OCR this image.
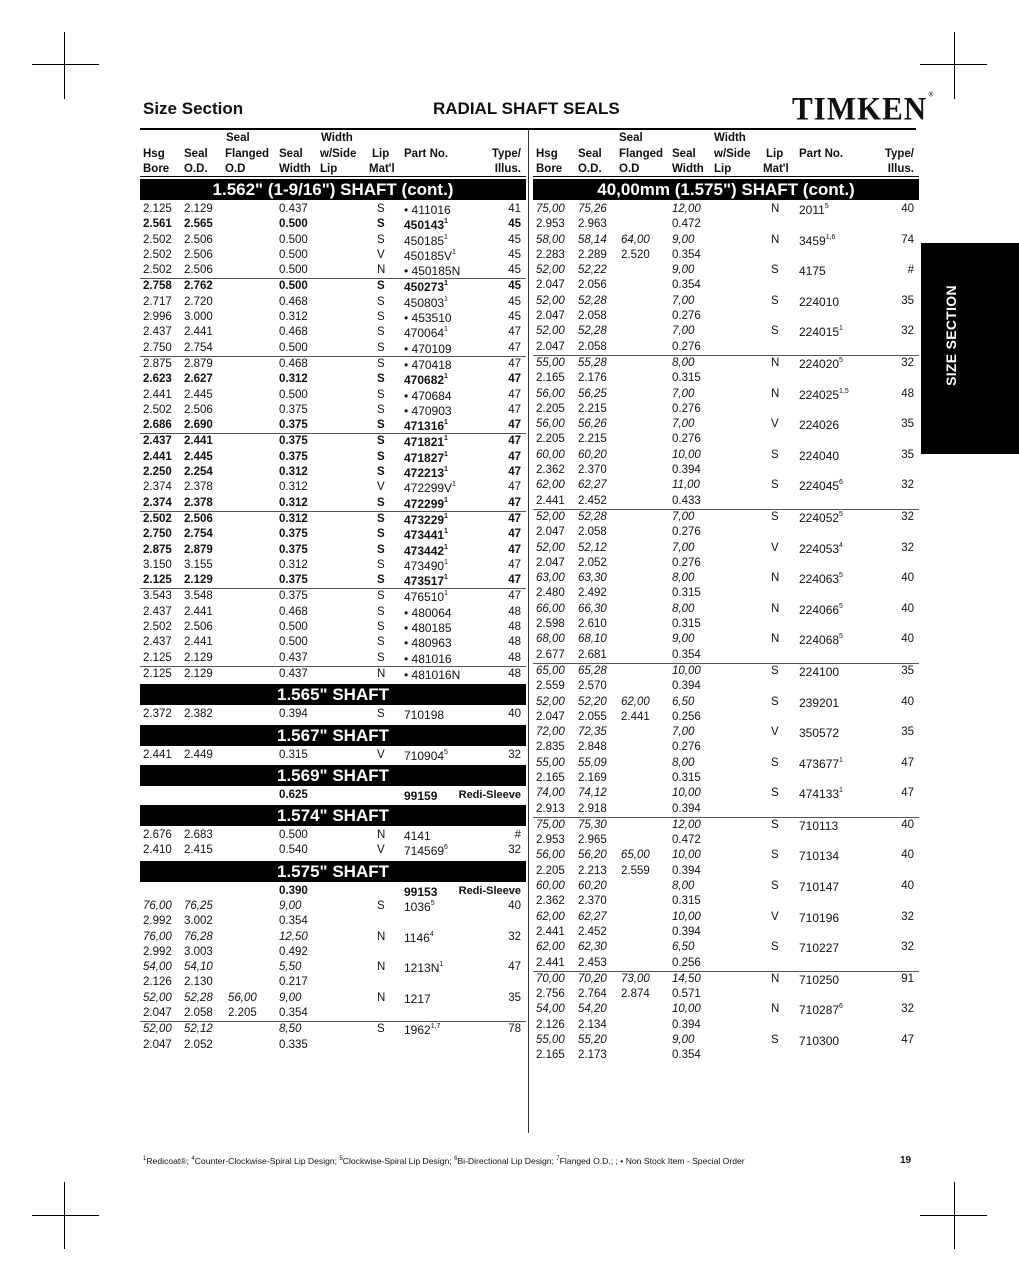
Size Section	RADIAL SHAFT SEALS	TIMKEN®
SIZE SECTION
Seal	Width
Hsg Seal Flanged Seal w/Side Lip Part No.	Type/
Bore O.D. O.D	Width Lip	Mat'l	Illus.
1.562" (1-9/16") SHAFT (cont.)
2.125 2.129	0.437	S • 411016	41
2.561 2.565	0.500	S 450143$^1$	45
2.502 2.506	0.500	S 450185$^1$	45
2.502 2.506	0.500	V $450185V^1$	45
2.502 2.506	0.500	N • 450185N	45
2.758 2.762	0.500	S 450273$^1$	45
2.717 2.720	0.468	S 450803$^1$	45
2.996 3.000	0.312	S • 453510	45
2.437 2.441	0.468	S 470064$^1$	47
2.750 2.754	0.500	S • 470109	47
2.875 2.879	0.468	S • 470418	47
2.623 2.627	0.312	S 470682$^1$	47
2.441 2.445	0.500	S • 470684	47
2.502 2.506	0.375	S • 470903	47
2.686 2.690	0.375	S 471316$^1$	47
2.437 2.441	0.375	S 471821$^1$	47
2.441 2.445	0.375	S 471827$^1$	47
2.250 2.254	0.312	S 472213$^1$	47
2.374 2.378	0.312	V $472299V^1$	47
2.374 2.378	0.312	S 472299$^1$	47
2.502 2.506	0.312	S 473229$^1$	47
2.750 2.754	0.375	S 473441$^1$	47
2.875 2.879	0.375	S 473442$^1$	47
3.150 3.155	0.312	S 473490$^1$	47
2.125 2.129	0.375	S 473517$^1$	47
3.543 3.548	0.375	S 476510$^1$	47
2.437 2.441	0.468	S • 480064	48
2.502 2.506	0.500	S • 480185	48
2.437 2.441	0.500	S • 480963	48
2.125 2.129	0.437	S • 481016	48
2.125 2.129	0.437	N • 481016N	48
1.565" SHAFT
2.372 2.382	0.394	S 710198	40
1.567" SHAFT
2.441 2.449	0.315	V 710904$^5$	32
1.569" SHAFT
0.625	99159 Redi-Sleeve
1.574" SHAFT
2.676 2.683	0.500	N 4141	#
2.410 2.415	0.540	V 714569$^6$	32
1.575" SHAFT
0.390	99153 Redi-Sleeve
76,00 76,25	9,00	S 1036$^5$	40
2.992 3.002	0.354
76,00 76,28	12,50	N 1146$^4$	32
2.992 3.003	0.492
54,00 54,10	5,50	N $1213N^1$	47
2.126 2.130	0.217
52,00 52,28 56,00 9,00	N 1217	35
2.047 2.058 2.205 0.354
52,00 52,12	8,50	S 1962$^{1,7}$	78
2.047 2.052	0.335
Seal	Width
Hsg Seal Flanged Seal w/Side Lip Part No.	Type/
Bore O.D. O.D	Width Lip	Mat'l	Illus.
40,00mm (1.575") SHAFT (cont.)
75,00 75,26	12,00	N 2011$^5$	40
2.953 2.963	0.472
58,00 58,14 64,00 9,00	N 3459$^{1,6}$	74
2.283 2.289 2.520 0.354
52,00 52,22	9,00	S 4175	#
2.047 2.056	0.354
52,00 52,28	7,00	S 224010	35
2.047 2.058	0.276
52,00 52,28	7,00	S 224015$^1$	32
2.047 2.058	0.276
55,00 55,28	8,00	N 224020$^5$	32
2.165 2.176	0.315
56,00 56,25	7,00	N 224025$^{1,5}$	48
2.205 2.215	0.276
56,00 56,26	7,00	V 224026	35
2.205 2.215	0.276
60,00 60,20	10,00	S 224040	35
2.362 2.370	0.394
62,00 62,27	11,00	S 224045$^6$	32
2.441 2.452	0.433
52,00 52,28	7,00	S 224052$^5$	32
2.047 2.058	0.276
52,00 52,12	7,00	V 224053$^4$	32
2.047 2.052	0.276
63,00 63,30	8,00	N 224063$^5$	40
2.480 2.492	0.315
66,00 66,30	8,00	N 224066$^5$	40
2.598 2.610	0.315
68,00 68,10	9,00	N 224068$^5$	40
2.677 2.681	0.354
65,00 65,28	10,00	S 224100	35
2.559 2.570	0.394
52,00 52,20 62,00 6,50	S 239201	40
2.047 2.055 2.441 0.256
72,00 72,35	7,00	V 350572	35
2.835 2.848	0.276
55,00 55,09	8,00	S 473677$^1$	47
2.165 2.169	0.315
74,00 74,12	10,00	S 474133$^1$	47
2.913 2.918	0.394
75,00 75,30	12,00	S 710113	40
2.953 2.965	0.472
56,00 56,20 65,00 10,00	S 710134	40
2.205 2.213 2.559 0.394
60,00 60,20	8,00	S 710147	40
2.362 2.370	0.315
62,00 62,27	10,00	V 710196	32
2.441 2.452	0.394
62,00 62,30	6,50	S 710227	32
2.441 2.453	0.256
70,00 70,20 73,00 14,50	N 710250	91
2.756 2.764 2.874 0.571
54,00 54,20	10,00	N 710287$^6$	32
2.126 2.134	0.394
55,00 55,20	9,00	S 710300	47
2.165 2.173	0.354
$^1$Redicoat®; $^4$Counter-Clockwise-Spiral Lip Design; $^5$Clockwise-Spiral Lip Design; $^6$Bi-Directional Lip Design; $^7$Flanged O.D.; ; • Non Stock Item - Special Order	19
